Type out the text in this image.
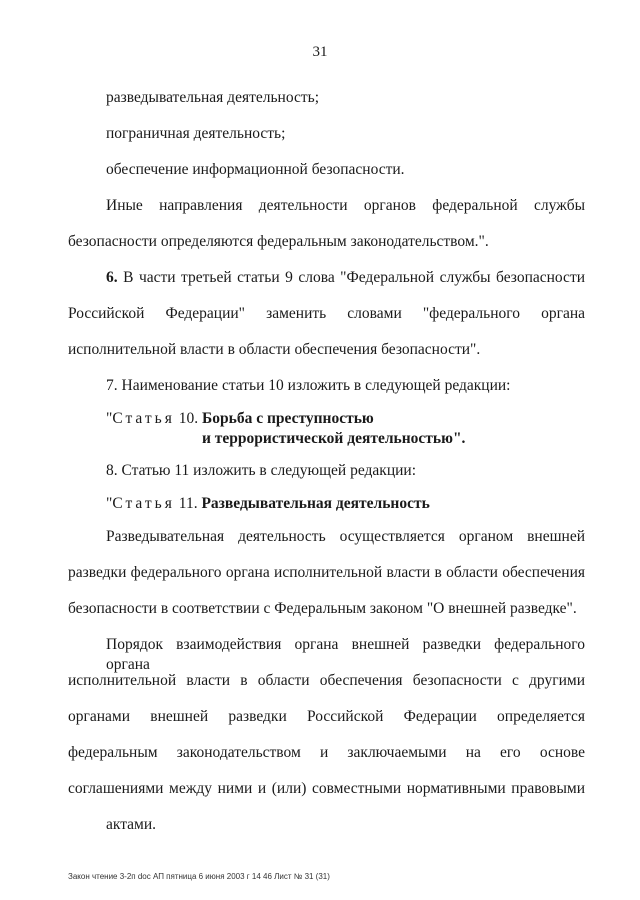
31
разведывательная деятельность;
пограничная деятельность;
обеспечение информационной безопасности.
Иные направления деятельности органов федеральной службы
безопасности определяются федеральным законодательством.".
6. В части третьей статьи 9 слова "Федеральной службы безопасности
Российской Федерации" заменить словами "федерального органа
исполнительной власти в области обеспечения безопасности".
7. Наименование статьи 10 изложить в следующей редакции:
"Статья 10. Борьба с преступностью
и террористической деятельностью".
8. Статью 11 изложить в следующей редакции:
"Статья 11. Разведывательная деятельность
Разведывательная деятельность осуществляется органом внешней
разведки федерального органа исполнительной власти в области обеспечения
безопасности в соответствии с Федеральным законом "О внешней разведке".
Порядок взаимодействия органа внешней разведки федерального органа
исполнительной власти в области обеспечения безопасности с другими
органами внешней разведки Российской Федерации определяется
федеральным законодательством и заключаемыми на его основе
соглашениями между ними и (или) совместными нормативными правовыми
актами.
Закон чтение 3-2п doc АП пятница 6 июня 2003 г 14 46 Лист № 31 (31)
